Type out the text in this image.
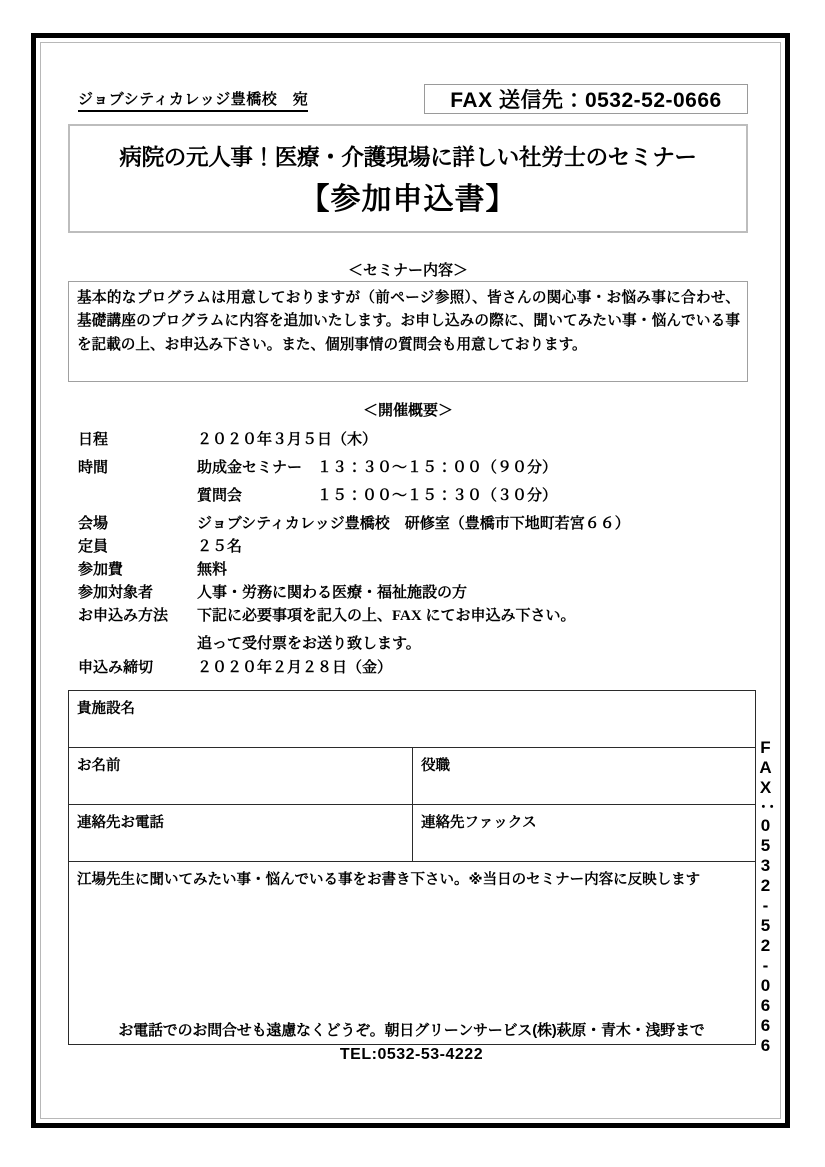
ジョブシティカレッジ豊橋校　宛	FAX 送信先：0532-52-0666
病院の元人事！医療・介護現場に詳しい社労士のセミナー
【参加申込書】
＜セミナー内容＞

基本的なプログラムは用意しておりますが（前ページ参照）、皆さんの関心事・お悩み事に合わせ、基礎講座のプログラムに内容を追加いたします。お申し込みの際に、聞いてみたい事・悩んでいる事を記載の上、お申込み下さい。また、個別事情の質問会も用意しております。

＜開催概要＞
日程	２０２０年３月５日（木）
時間	助成金セミナー　１３：３０～１５：００（９０分）
質問会　　　　　１５：００～１５：３０（３０分）
会場	ジョブシティカレッジ豊橋校　研修室（豊橋市下地町若宮６６）
定員	２５名
参加費	無料
参加対象者	人事・労務に関わる医療・福祉施設の方
お申込み方法 下記に必要事項を記入の上、FAX にてお申込み下さい。
追って受付票をお送り致します。
申込み締切	２０２０年２月２８日（金）
貴施設名	
お名前	役職
連絡先お電話	連絡先ファックス
江場先生に聞いてみたい事・悩んでいる事をお書き下さい。※当日のセミナー内容に反映します		FAX：0532-52-0666
お電話でのお問合せも遠慮なくどうぞ。朝日グリーンサービス(株)萩原・青木・浅野まで
TEL:0532-53-4222
